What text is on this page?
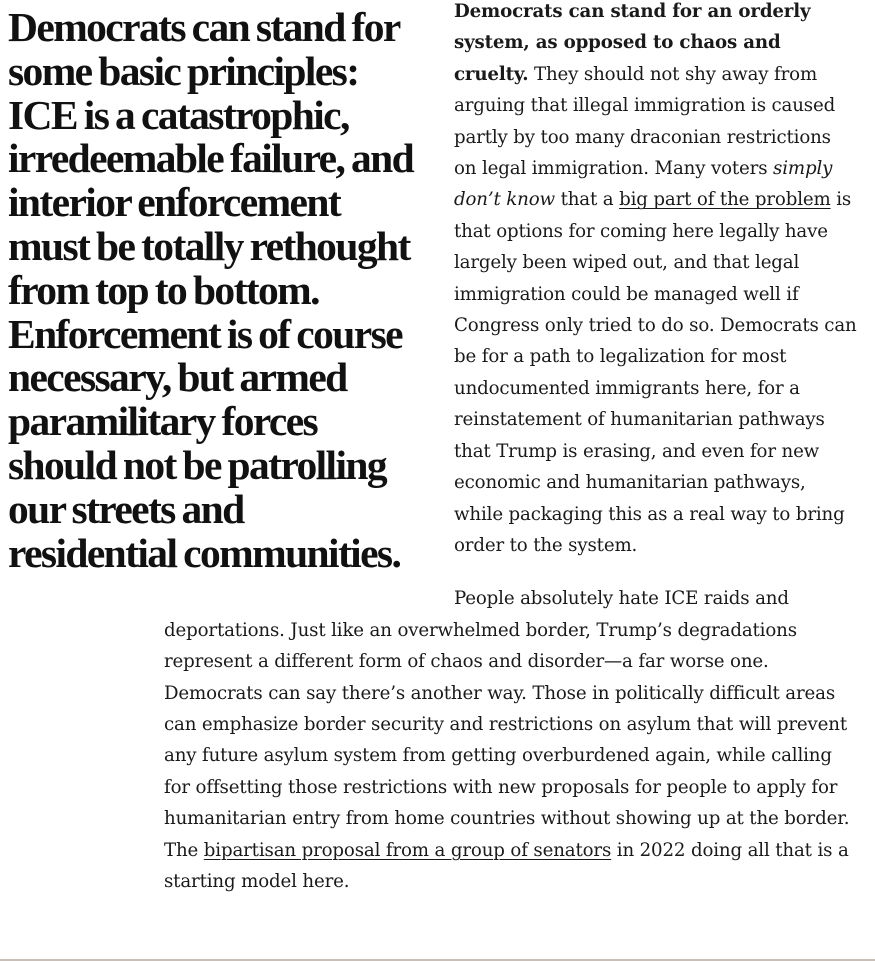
Democrats can stand for some basic principles: ICE is a catastrophic, irredeemable failure, and interior enforcement must be totally rethought from top to bottom. Enforcement is of course necessary, but armed paramilitary forces should not be patrolling our streets and residential communities.

Democrats can stand for an orderly system, as opposed to chaos and cruelty. They should not shy away from arguing that illegal immigration is caused partly by too many draconian restrictions on legal immigration. Many voters simply don’t know that a big part of the problem is that options for coming here legally have largely been wiped out, and that legal immigration could be managed well if Congress only tried to do so. Democrats can be for a path to legalization for most undocumented immigrants here, for a reinstatement of humanitarian pathways that Trump is erasing, and even for new economic and humanitarian pathways, while packaging this as a real way to bring order to the system.

People absolutely hate ICE raids and deportations. Just like an overwhelmed border, Trump’s degradations represent a different form of chaos and disorder—a far worse one. Democrats can say there’s another way. Those in politically difficult areas can emphasize border security and restrictions on asylum that will prevent any future asylum system from getting overburdened again, while calling for offsetting those restrictions with new proposals for people to apply for humanitarian entry from home countries without showing up at the border. The bipartisan proposal from a group of senators in 2022 doing all that is a starting model here.
